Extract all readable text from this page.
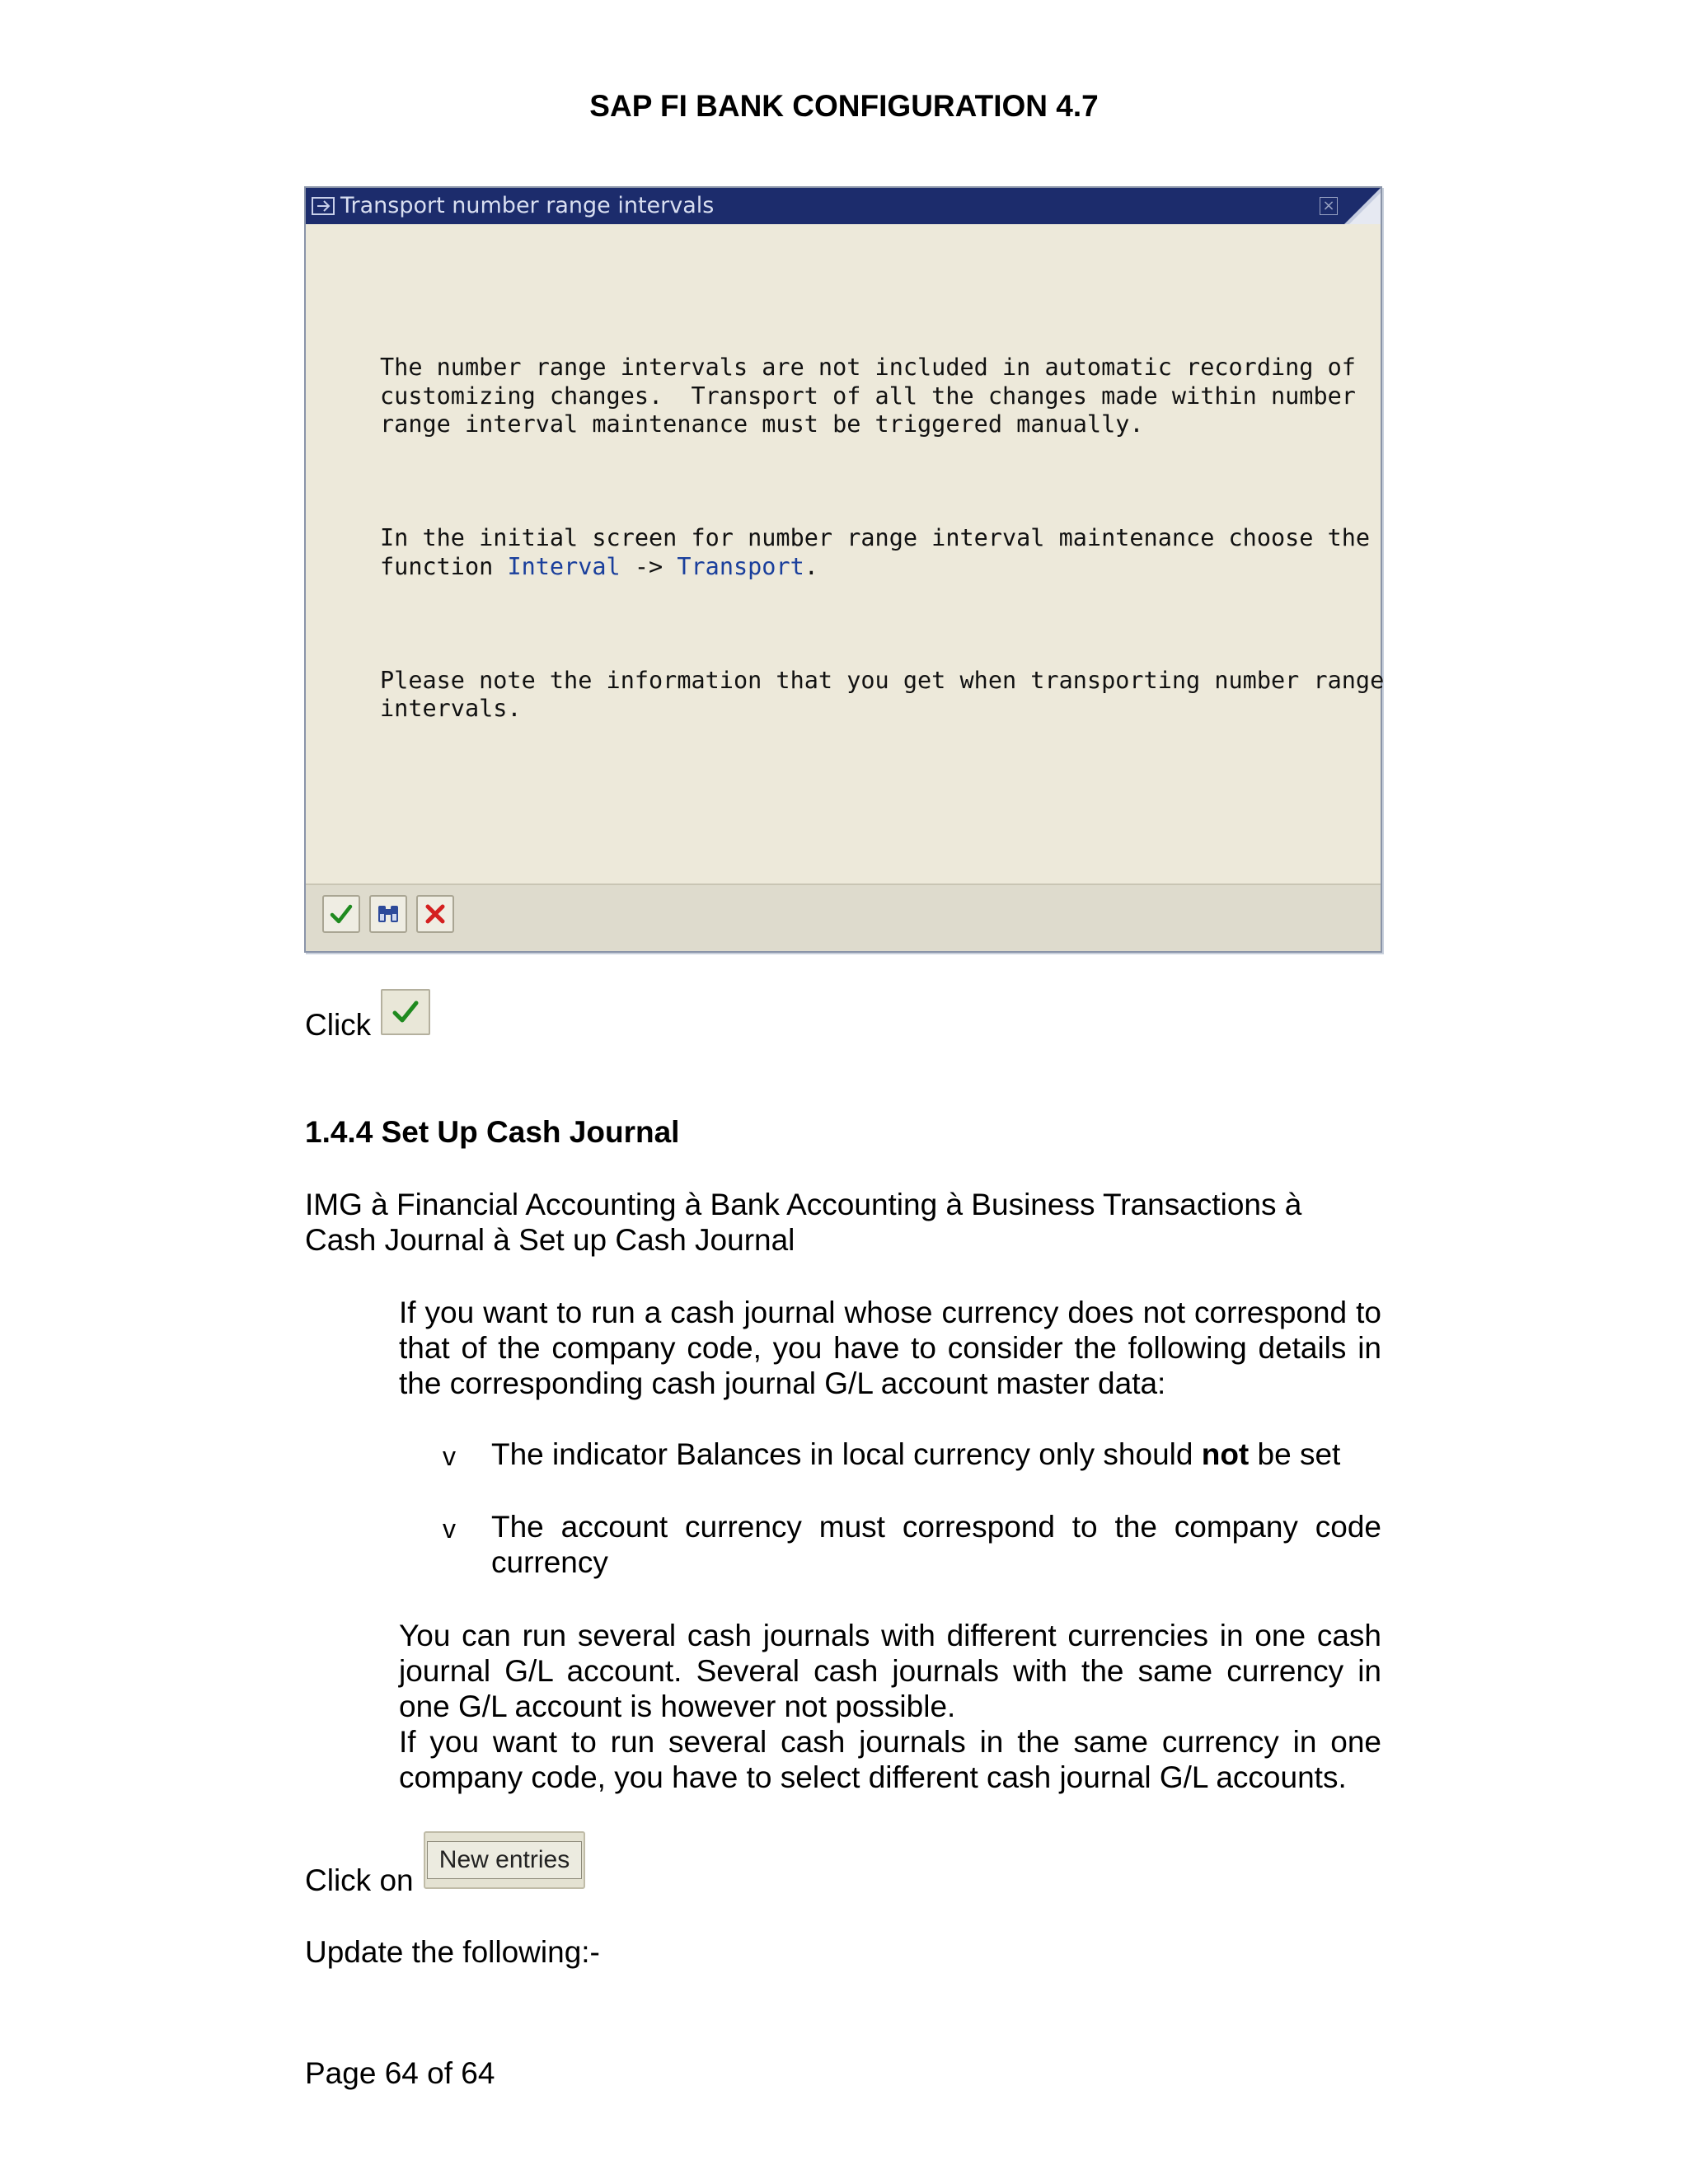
SAP FI BANK CONFIGURATION 4.7
Transport number range intervals	×

The number range intervals are not included in automatic recording of
customizing changes.  Transport of all the changes made within number
range interval maintenance must be triggered manually.

In the initial screen for number range interval maintenance choose the
function Interval -> Transport.

Please note the information that you get when transporting number range
intervals.

Click
1.4.4 Set Up Cash Journal
IMG à Financial Accounting à Bank Accounting à Business Transactions à
Cash Journal à Set up Cash Journal
If you want to run a cash journal whose currency does not correspond to that of the company code, you have to consider the following details in the corresponding cash journal G/L account master data:
v The indicator Balances in local currency only should not be set
v The account currency must correspond to the company code currency
You can run several cash journals with different currencies in one cash journal G/L account. Several cash journals with the same currency in one G/L account is however not possible.
If you want to run several cash journals in the same currency in one company code, you have to select different cash journal G/L accounts.
Click on
New entries
Update the following:-
Page 64 of 64
